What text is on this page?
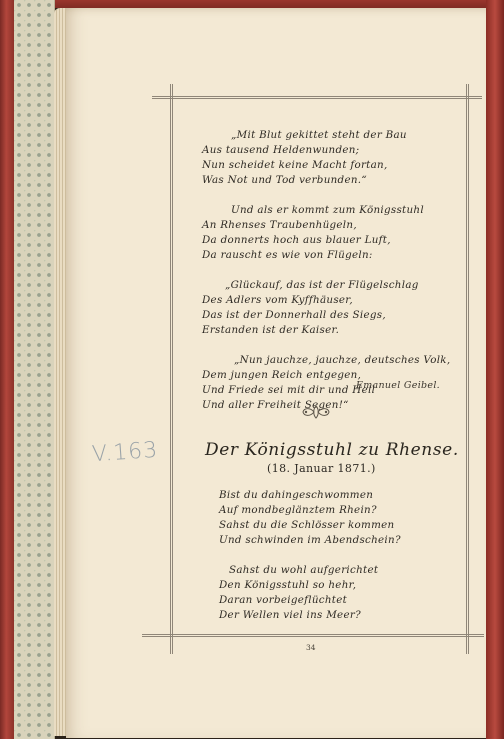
„Mit Blut gekittet steht der Bau
Aus tausend Heldenwunden;
Nun scheidet keine Macht fortan,
Was Not und Tod verbunden.“
Und als er kommt zum Königsstuhl
An Rhenses Traubenhügeln,
Da donnerts hoch aus blauer Luft,
Da rauscht es wie von Flügeln:
„Glückauf, das ist der Flügelschlag
Des Adlers vom Kyffhäuser,
Das ist der Donnerhall des Siegs,
Erstanden ist der Kaiser.
„Nun jauchze, jauchze, deutsches Volk,
Dem jungen Reich entgegen,
Und Friede sei mit dir und Heil
Und aller Freiheit Segen!“

Emanuel Geibel.

V.163	Der Königsstuhl zu Rhense.

(18. Januar 1871.)

Bist du dahingeschwommen
Auf mondbeglänztem Rhein?
Sahst du die Schlösser kommen
Und schwinden im Abendschein?
Sahst du wohl aufgerichtet
Den Königsstuhl so hehr,
Daran vorbeigeflüchtet
Der Wellen viel ins Meer?

34
